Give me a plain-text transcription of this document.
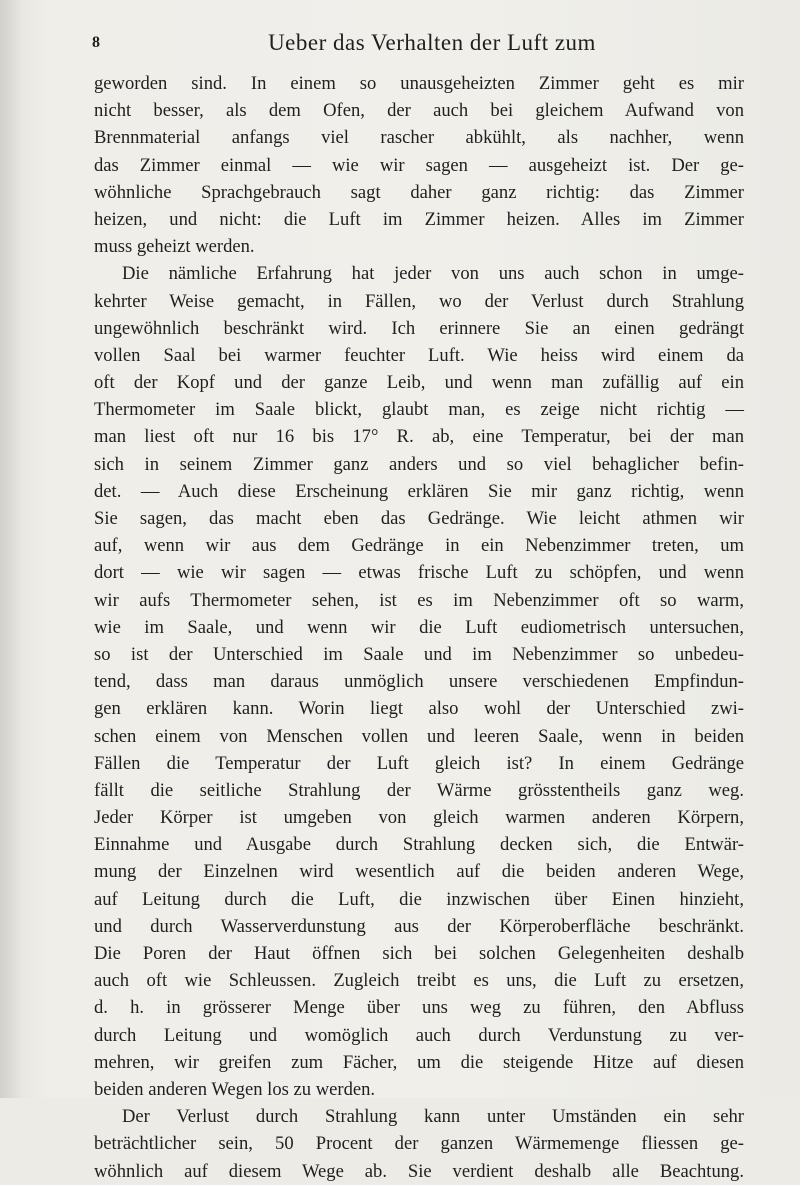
8	Ueber das Verhalten der Luft zum
geworden sind. In einem so unausgeheizten Zimmer geht es mir
nicht besser, als dem Ofen, der auch bei gleichem Aufwand von
Brennmaterial anfangs viel rascher abkühlt, als nachher, wenn
das Zimmer einmal — wie wir sagen — ausgeheizt ist. Der ge-
wöhnliche Sprachgebrauch sagt daher ganz richtig: das Zimmer
heizen, und nicht: die Luft im Zimmer heizen. Alles im Zimmer
muss geheizt werden.
Die nämliche Erfahrung hat jeder von uns auch schon in umge-
kehrter Weise gemacht, in Fällen, wo der Verlust durch Strahlung
ungewöhnlich beschränkt wird. Ich erinnere Sie an einen gedrängt
vollen Saal bei warmer feuchter Luft. Wie heiss wird einem da
oft der Kopf und der ganze Leib, und wenn man zufällig auf ein
Thermometer im Saale blickt, glaubt man, es zeige nicht richtig —
man liest oft nur 16 bis 17° R. ab, eine Temperatur, bei der man
sich in seinem Zimmer ganz anders und so viel behaglicher befin-
det. — Auch diese Erscheinung erklären Sie mir ganz richtig, wenn
Sie sagen, das macht eben das Gedränge. Wie leicht athmen wir
auf, wenn wir aus dem Gedränge in ein Nebenzimmer treten, um
dort — wie wir sagen — etwas frische Luft zu schöpfen, und wenn
wir aufs Thermometer sehen, ist es im Nebenzimmer oft so warm,
wie im Saale, und wenn wir die Luft eudiometrisch untersuchen,
so ist der Unterschied im Saale und im Nebenzimmer so unbedeu-
tend, dass man daraus unmöglich unsere verschiedenen Empfindun-
gen erklären kann. Worin liegt also wohl der Unterschied zwi-
schen einem von Menschen vollen und leeren Saale, wenn in beiden
Fällen die Temperatur der Luft gleich ist? In einem Gedränge
fällt die seitliche Strahlung der Wärme grösstentheils ganz weg.
Jeder Körper ist umgeben von gleich warmen anderen Körpern,
Einnahme und Ausgabe durch Strahlung decken sich, die Entwär-
mung der Einzelnen wird wesentlich auf die beiden anderen Wege,
auf Leitung durch die Luft, die inzwischen über Einen hinzieht,
und durch Wasserverdunstung aus der Körperoberfläche beschränkt.
Die Poren der Haut öffnen sich bei solchen Gelegenheiten deshalb
auch oft wie Schleussen. Zugleich treibt es uns, die Luft zu ersetzen,
d. h. in grösserer Menge über uns weg zu führen, den Abfluss
durch Leitung und womöglich auch durch Verdunstung zu ver-
mehren, wir greifen zum Fächer, um die steigende Hitze auf diesen
beiden anderen Wegen los zu werden.
Der Verlust durch Strahlung kann unter Umständen ein sehr
beträchtlicher sein, 50 Procent der ganzen Wärmemenge fliessen ge-
wöhnlich auf diesem Wege ab. Sie verdient deshalb alle Beachtung.
